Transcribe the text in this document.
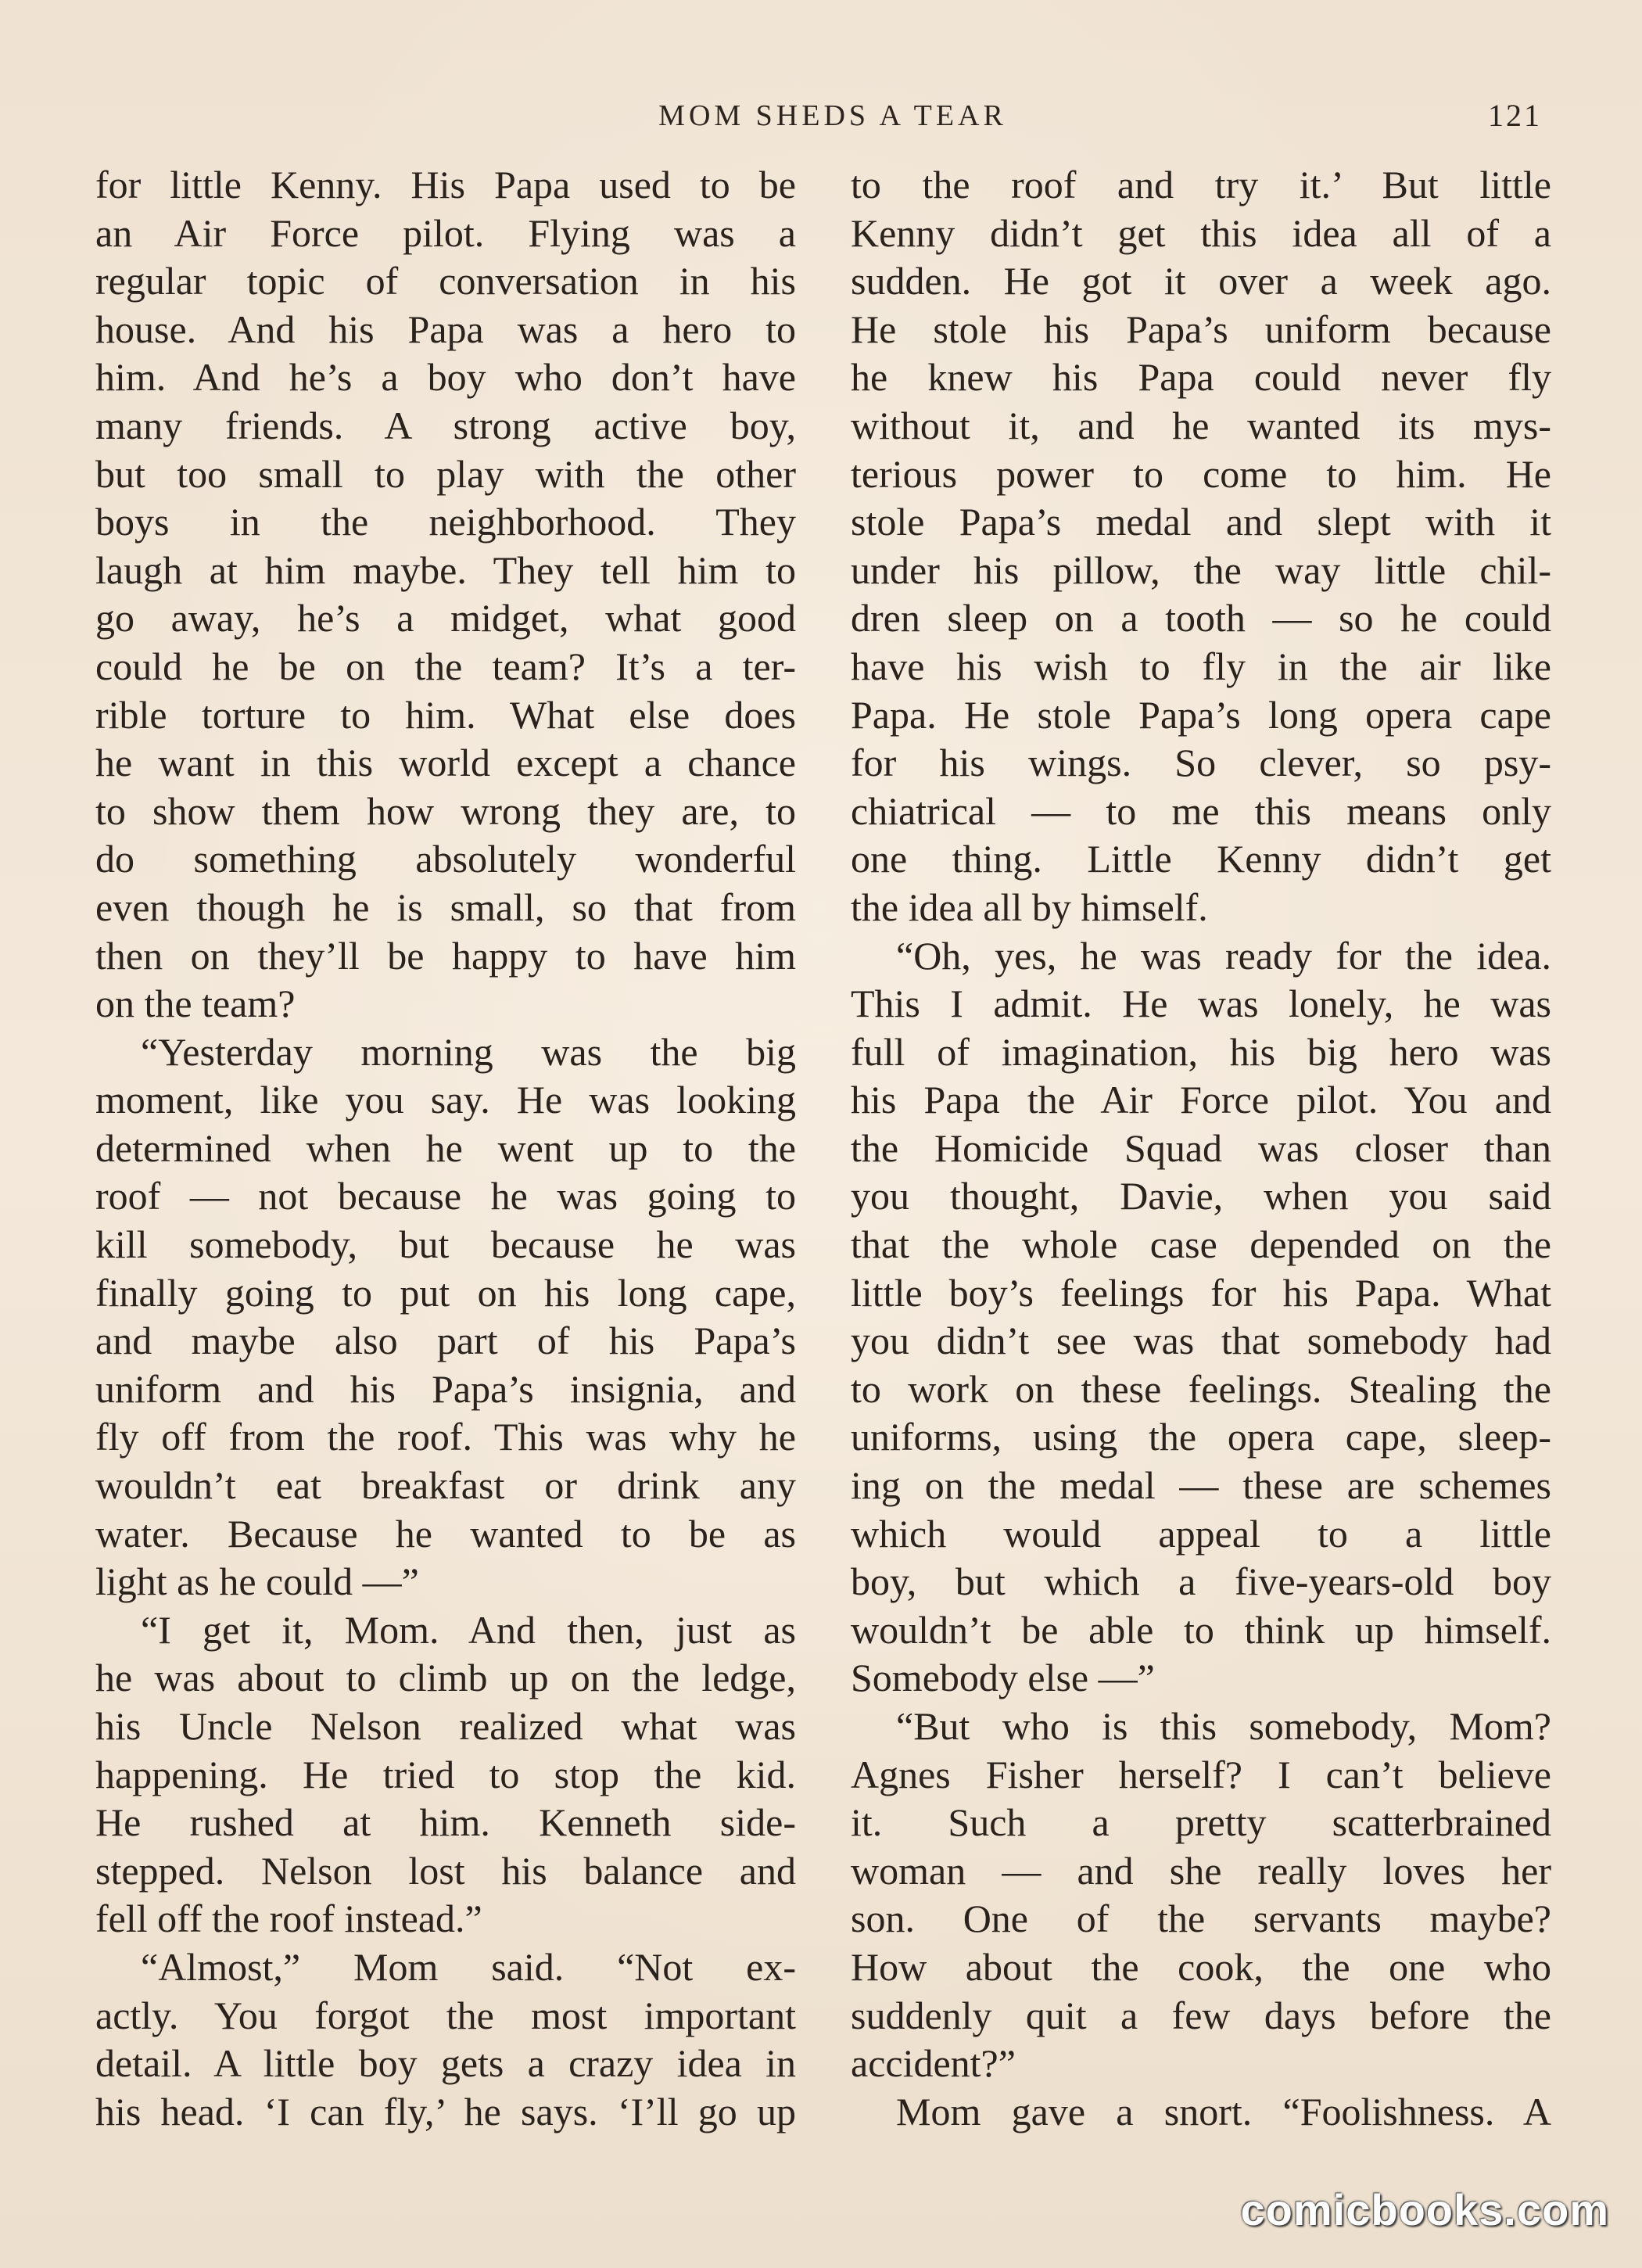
MOM SHEDS A TEAR	121
for little Kenny. His Papa used to be
an Air Force pilot. Flying was a
regular topic of conversation in his
house. And his Papa was a hero to
him. And he’s a boy who don’t have
many friends. A strong active boy,
but too small to play with the other
boys in the neighborhood. They
laugh at him maybe. They tell him to
go away, he’s a midget, what good
could he be on the team? It’s a ter-
rible torture to him. What else does
he want in this world except a chance
to show them how wrong they are, to
do something absolutely wonderful
even though he is small, so that from
then on they’ll be happy to have him
on the team?
“Yesterday morning was the big
moment, like you say. He was looking
determined when he went up to the
roof — not because he was going to
kill somebody, but because he was
finally going to put on his long cape,
and maybe also part of his Papa’s
uniform and his Papa’s insignia, and
fly off from the roof. This was why he
wouldn’t eat breakfast or drink any
water. Because he wanted to be as
light as he could —”
“I get it, Mom. And then, just as
he was about to climb up on the ledge,
his Uncle Nelson realized what was
happening. He tried to stop the kid.
He rushed at him. Kenneth side-
stepped. Nelson lost his balance and
fell off the roof instead.”
“Almost,” Mom said. “Not ex-
actly. You forgot the most important
detail. A little boy gets a crazy idea in
his head. ‘I can fly,’ he says. ‘I’ll go up
to the roof and try it.’ But little
Kenny didn’t get this idea all of a
sudden. He got it over a week ago.
He stole his Papa’s uniform because
he knew his Papa could never fly
without it, and he wanted its mys-
terious power to come to him. He
stole Papa’s medal and slept with it
under his pillow, the way little chil-
dren sleep on a tooth — so he could
have his wish to fly in the air like
Papa. He stole Papa’s long opera cape
for his wings. So clever, so psy-
chiatrical — to me this means only
one thing. Little Kenny didn’t get
the idea all by himself.
“Oh, yes, he was ready for the idea.
This I admit. He was lonely, he was
full of imagination, his big hero was
his Papa the Air Force pilot. You and
the Homicide Squad was closer than
you thought, Davie, when you said
that the whole case depended on the
little boy’s feelings for his Papa. What
you didn’t see was that somebody had
to work on these feelings. Stealing the
uniforms, using the opera cape, sleep-
ing on the medal — these are schemes
which would appeal to a little
boy, but which a five-years-old boy
wouldn’t be able to think up himself.
Somebody else —”
“But who is this somebody, Mom?
Agnes Fisher herself? I can’t believe
it. Such a pretty scatterbrained
woman — and she really loves her
son. One of the servants maybe?
How about the cook, the one who
suddenly quit a few days before the
accident?”
Mom gave a snort. “Foolishness. A
comicbooks.com
